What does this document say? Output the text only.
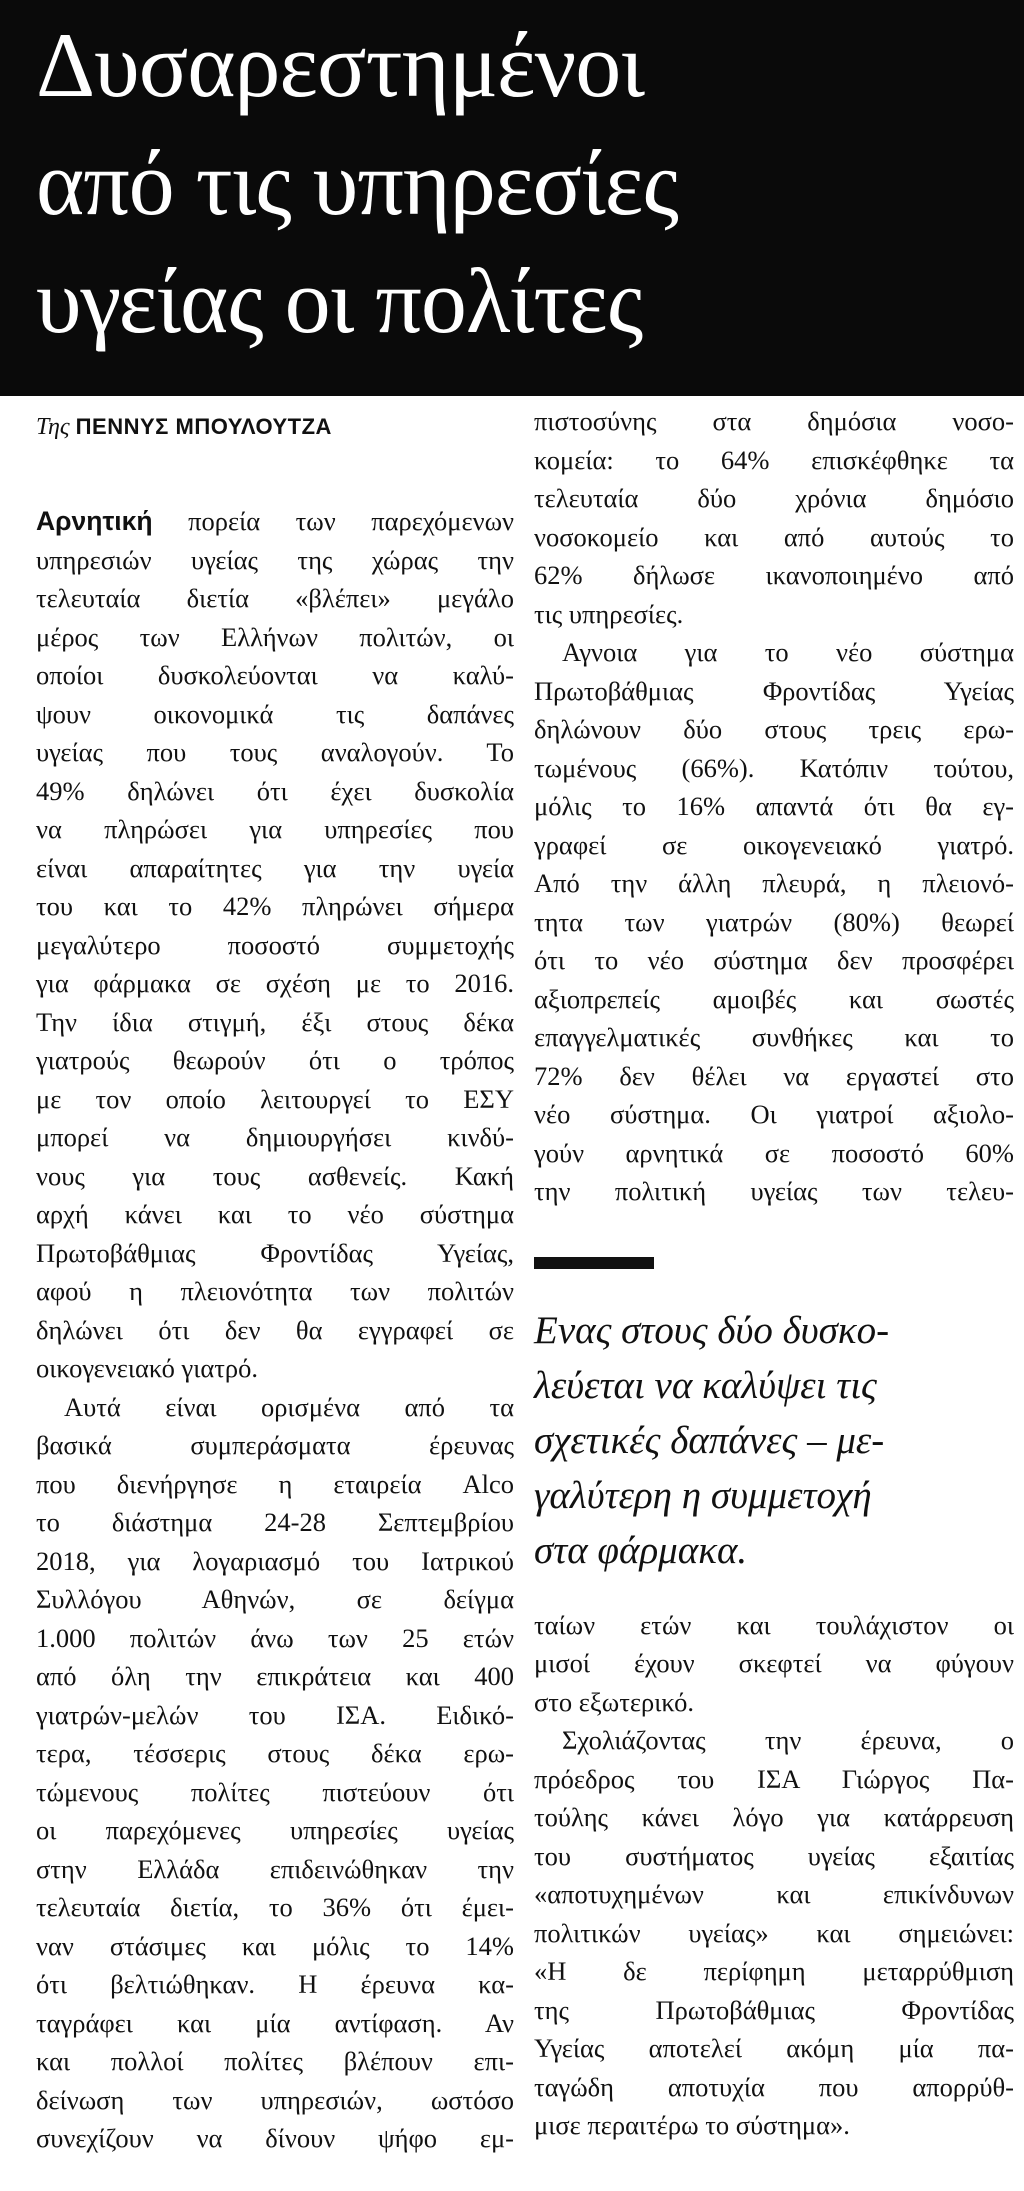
Δυσαρεστημένοι
από τις υπηρεσίες
υγείας οι πολίτες
Της ΠΕΝΝΥΣ ΜΠΟΥΛΟΥΤΖΑ
Αρνητική πορεία των παρεχόμενων
υπηρεσιών υγείας της χώρας την
τελευταία διετία «βλέπει» μεγάλο
μέρος των Ελλήνων πολιτών, οι
οποίοι δυσκολεύονται να καλύ-
ψουν οικονομικά τις δαπάνες
υγείας που τους αναλογούν. Το
49% δηλώνει ότι έχει δυσκολία
να πληρώσει για υπηρεσίες που
είναι απαραίτητες για την υγεία
του και το 42% πληρώνει σήμερα
μεγαλύτερο ποσοστό συμμετοχής
για φάρμακα σε σχέση με το 2016.
Την ίδια στιγμή, έξι στους δέκα
γιατρούς θεωρούν ότι ο τρόπος
με τον οποίο λειτουργεί το ΕΣΥ
μπορεί να δημιουργήσει κινδύ-
νους για τους ασθενείς. Κακή
αρχή κάνει και το νέο σύστημα
Πρωτοβάθμιας Φροντίδας Υγείας,
αφού η πλειονότητα των πολιτών
δηλώνει ότι δεν θα εγγραφεί σε
οικογενειακό γιατρό.
Αυτά είναι ορισμένα από τα
βασικά συμπεράσματα έρευνας
που διενήργησε η εταιρεία Alco
το διάστημα 24-28 Σεπτεμβρίου
2018, για λογαριασμό του Ιατρικού
Συλλόγου Αθηνών, σε δείγμα
1.000 πολιτών άνω των 25 ετών
από όλη την επικράτεια και 400
γιατρών-μελών του ΙΣΑ. Ειδικό-
τερα, τέσσερις στους δέκα ερω-
τώμενους πολίτες πιστεύουν ότι
οι παρεχόμενες υπηρεσίες υγείας
στην Ελλάδα επιδεινώθηκαν την
τελευταία διετία, το 36% ότι έμει-
ναν στάσιμες και μόλις το 14%
ότι βελτιώθηκαν. Η έρευνα κα-
ταγράφει και μία αντίφαση. Αν
και πολλοί πολίτες βλέπουν επι-
δείνωση των υπηρεσιών, ωστόσο
συνεχίζουν να δίνουν ψήφο εμ-
πιστοσύνης στα δημόσια νοσο-
κομεία: το 64% επισκέφθηκε τα
τελευταία δύο χρόνια δημόσιο
νοσοκομείο και από αυτούς το
62% δήλωσε ικανοποιημένο από
τις υπηρεσίες.
Αγνοια για το νέο σύστημα
Πρωτοβάθμιας Φροντίδας Υγείας
δηλώνουν δύο στους τρεις ερω-
τωμένους (66%). Κατόπιν τούτου,
μόλις το 16% απαντά ότι θα εγ-
γραφεί σε οικογενειακό γιατρό.
Από την άλλη πλευρά, η πλειονό-
τητα των γιατρών (80%) θεωρεί
ότι το νέο σύστημα δεν προσφέρει
αξιοπρεπείς αμοιβές και σωστές
επαγγελματικές συνθήκες και το
72% δεν θέλει να εργαστεί στο
νέο σύστημα. Οι γιατροί αξιολο-
γούν αρνητικά σε ποσοστό 60%
την πολιτική υγείας των τελευ-
Ενας στους δύο δυσκο-
λεύεται να καλύψει τις
σχετικές δαπάνες – με-
γαλύτερη η συμμετοχή
στα φάρμακα.
ταίων ετών και τουλάχιστον οι
μισοί έχουν σκεφτεί να φύγουν
στο εξωτερικό.
Σχολιάζοντας την έρευνα, ο
πρόεδρος του ΙΣΑ Γιώργος Πα-
τούλης κάνει λόγο για κατάρρευση
του συστήματος υγείας εξαιτίας
«αποτυχημένων και επικίνδυνων
πολιτικών υγείας» και σημειώνει:
«Η δε περίφημη μεταρρύθμιση
της Πρωτοβάθμιας Φροντίδας
Υγείας αποτελεί ακόμη μία πα-
ταγώδη αποτυχία που απορρύθ-
μισε περαιτέρω το σύστημα».
